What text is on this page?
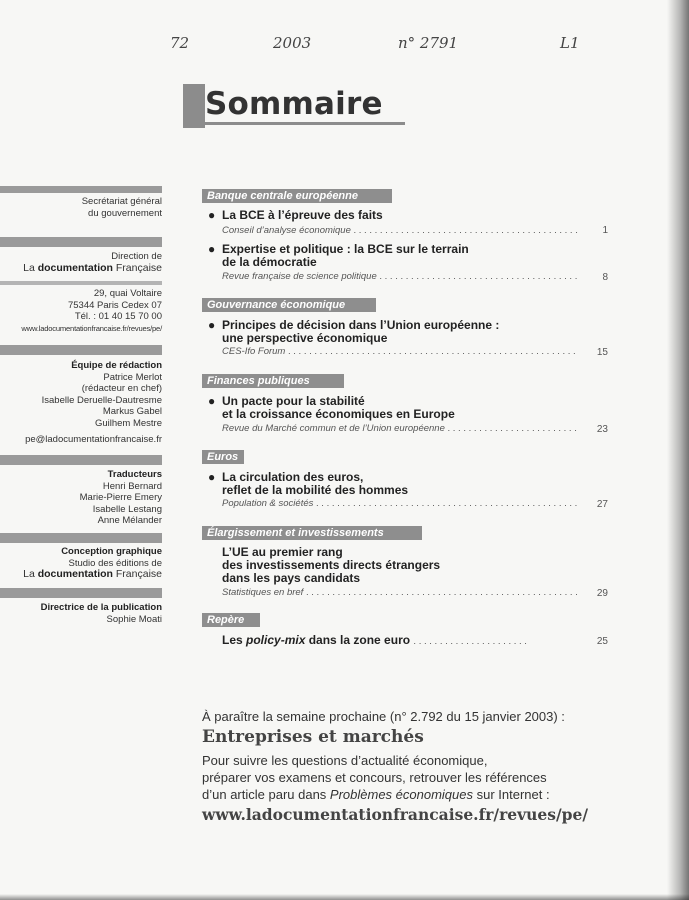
72	2003	n° 2791	L1
Sommaire
Secrétariat général
du gouvernement
Direction de
La documentation Française
29, quai Voltaire
75344 Paris Cedex 07
Tél. : 01 40 15 70 00
www.ladocumentationfrancaise.fr/revues/pe/
Équipe de rédaction
Patrice Merlot
(rédacteur en chef)
Isabelle Deruelle-Dautresme
Markus Gabel
Guilhem Mestre
pe@ladocumentationfrancaise.fr
Traducteurs
Henri Bernard
Marie-Pierre Emery
Isabelle Lestang
Anne Mélander
Conception graphique
Studio des éditions de
La documentation Française
Directrice de la publication
Sophie Moati
Banque centrale européenne
● La BCE à l’épreuve des faits
Conseil d’analyse économique . . .	1
● Expertise et politique : la BCE sur le terrain
de la démocratie
Revue française de science politique . . .	8
Gouvernance économique
● Principes de décision dans l’Union européenne :
une perspective économique
CES-Ifo Forum . . .	15
Finances publiques
● Un pacte pour la stabilité
et la croissance économiques en Europe
Revue du Marché commun et de l’Union européenne . . .	23
Euros
● La circulation des euros,
reflet de la mobilité des hommes
Population & sociétés . . .	27
Élargissement et investissements
L’UE au premier rang
des investissements directs étrangers
dans les pays candidats
Statistiques en bref . . .	29
Repère
Les policy-mix dans la zone euro . . . . . . . . . . . . . . . . . . . . . .	25
À paraître la semaine prochaine (n° 2.792 du 15 janvier 2003) :
Entreprises et marchés
Pour suivre les questions d’actualité économique,
préparer vos examens et concours, retrouver les références
d’un article paru dans Problèmes économiques sur Internet :
www.ladocumentationfrancaise.fr/revues/pe/
